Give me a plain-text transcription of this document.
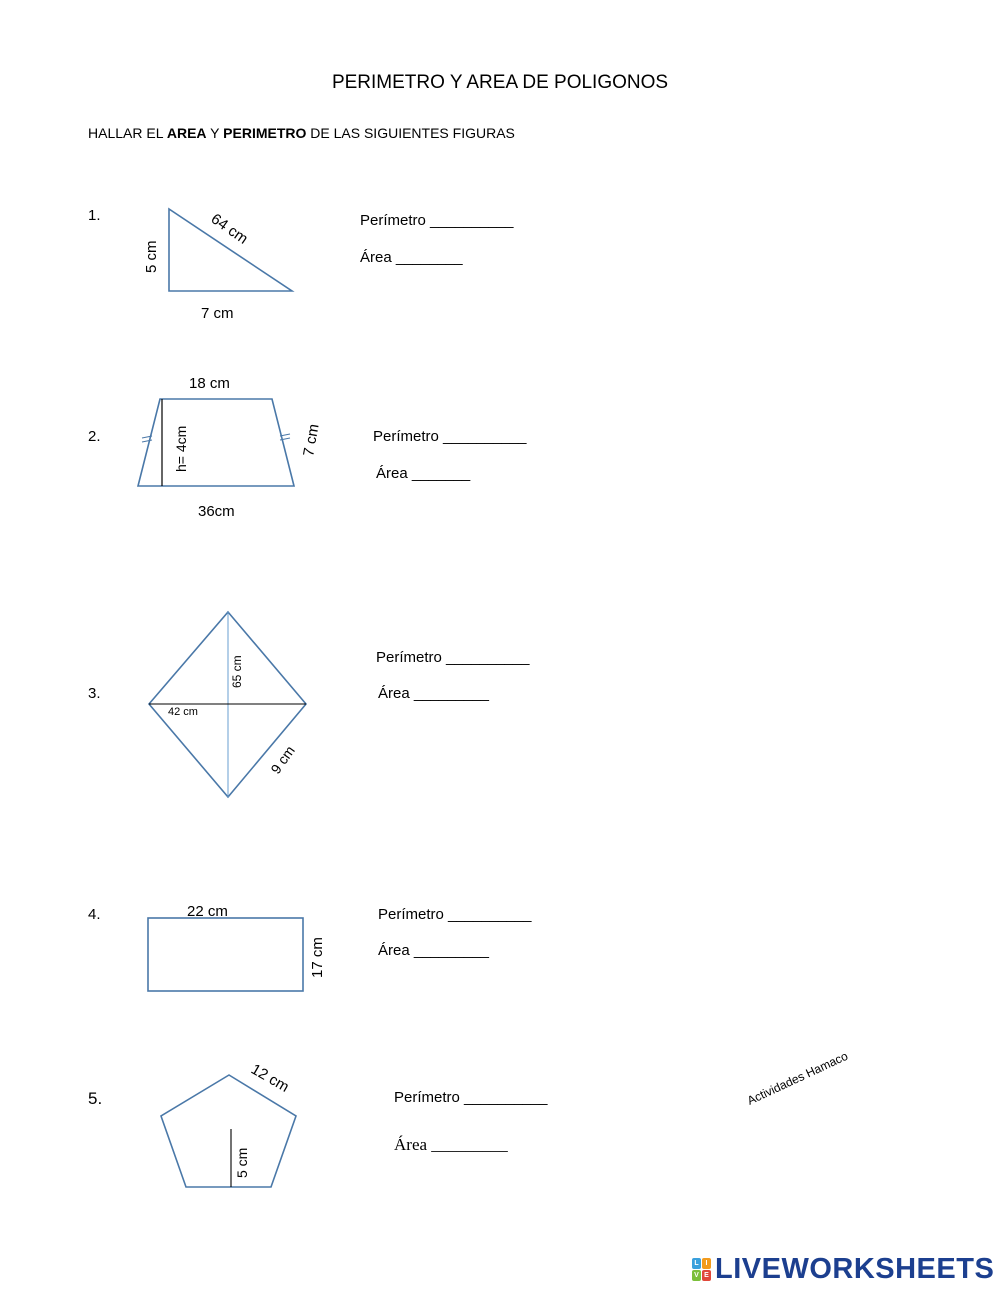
PERIMETRO Y AREA DE POLIGONOS
HALLAR EL AREA Y PERIMETRO DE LAS SIGUIENTES FIGURAS
1.
2.
3.
4.
5.
Perímetro __________
Área ________
Perímetro __________
Área _______
Perímetro __________
Área _________
Perímetro __________
Área _________
Perímetro __________
Área _________
64 cm
5 cm
7 cm
18 cm
h= 4cm	7 cm
36cm
65 cm
42 cm
9 cm
22 cm
17 cm
12 cm
5 cm
Actividades Hamaco
L I
V E LIVEWORKSHEETS
